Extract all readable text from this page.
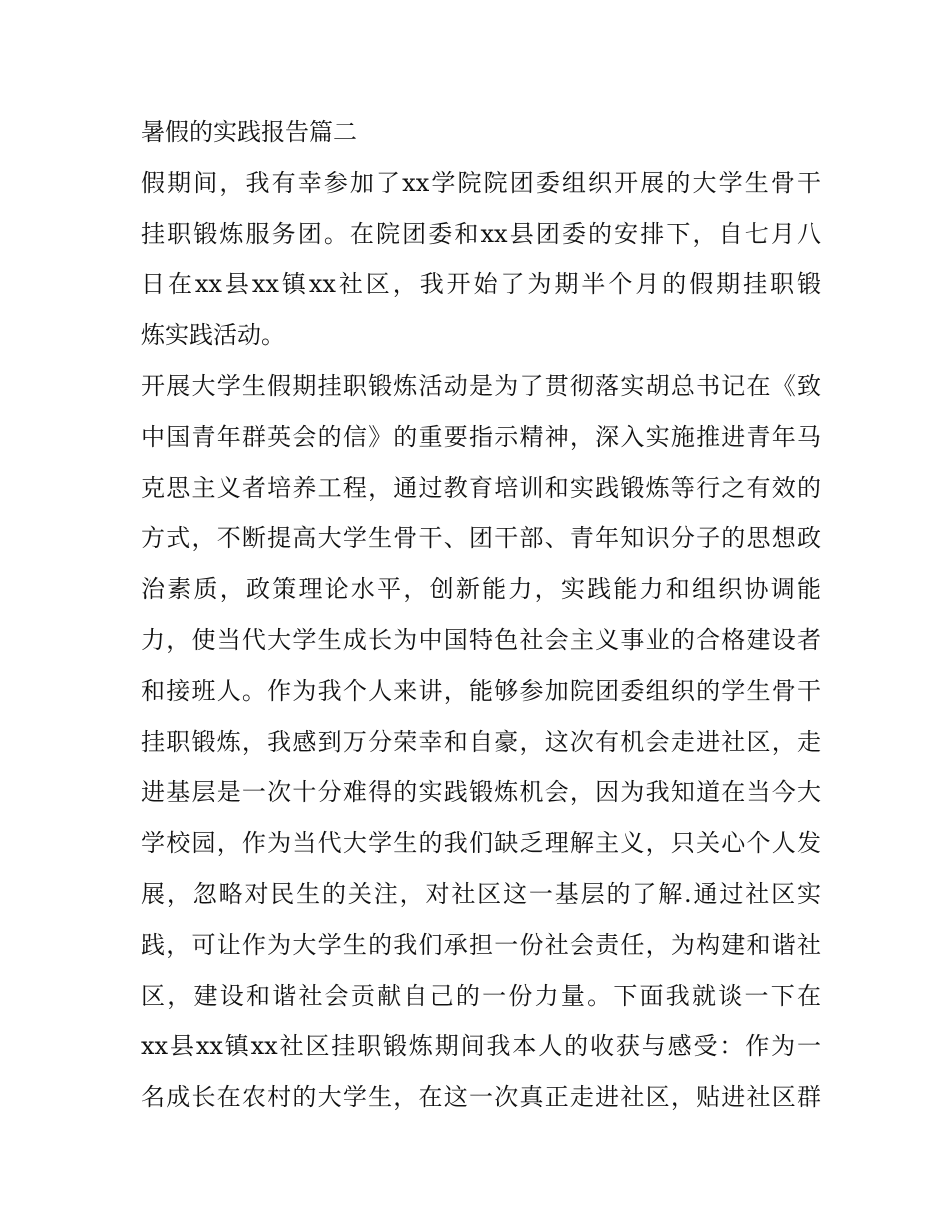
暑假的实践报告篇二
假期间，我有幸参加了xx学院院团委组织开展的大学生骨干
挂职锻炼服务团。在院团委和xx县团委的安排下，自七月八
日在xx县xx镇xx社区，我开始了为期半个月的假期挂职锻
炼实践活动。
开展大学生假期挂职锻炼活动是为了贯彻落实胡总书记在《致
中国青年群英会的信》的重要指示精神，深入实施推进青年马
克思主义者培养工程，通过教育培训和实践锻炼等行之有效的
方式，不断提高大学生骨干、团干部、青年知识分子的思想政
治素质，政策理论水平，创新能力，实践能力和组织协调能
力，使当代大学生成长为中国特色社会主义事业的合格建设者
和接班人。作为我个人来讲，能够参加院团委组织的学生骨干
挂职锻炼，我感到万分荣幸和自豪，这次有机会走进社区，走
进基层是一次十分难得的实践锻炼机会，因为我知道在当今大
学校园，作为当代大学生的我们缺乏理解主义，只关心个人发
展，忽略对民生的关注，对社区这一基层的了解.通过社区实
践，可让作为大学生的我们承担一份社会责任，为构建和谐社
区，建设和谐社会贡献自己的一份力量。下面我就谈一下在
xx县xx镇xx社区挂职锻炼期间我本人的收获与感受：作为一
名成长在农村的大学生，在这一次真正走进社区，贴进社区群
